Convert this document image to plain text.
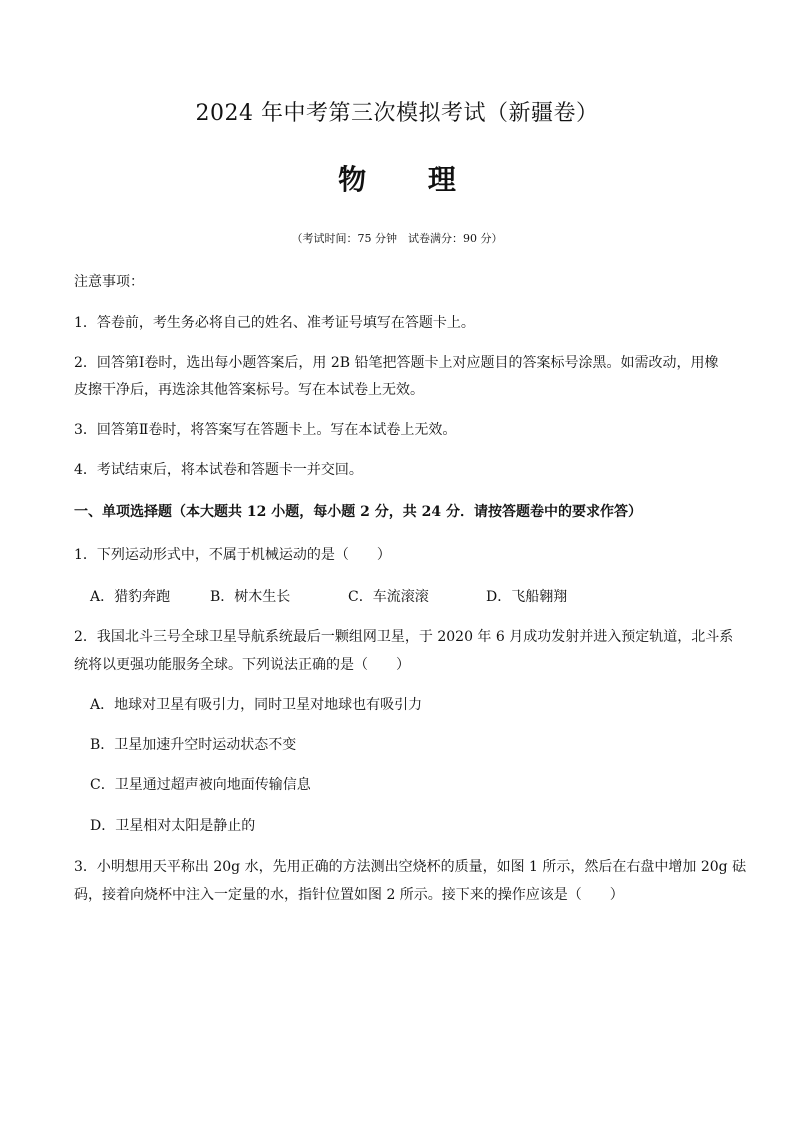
2024 年中考第三次模拟考试（新疆卷）
物 理
（考试时间：75 分钟　试卷满分：90 分）
注意事项：
1．答卷前，考生务必将自己的姓名、准考证号填写在答题卡上。
2．回答第Ⅰ卷时，选出每小题答案后，用 2B 铅笔把答题卡上对应题目的答案标号涂黑。如需改动，用橡
皮擦干净后，再选涂其他答案标号。写在本试卷上无效。
3．回答第Ⅱ卷时，将答案写在答题卡上。写在本试卷上无效。
4．考试结束后，将本试卷和答题卡一并交回。
一、单项选择题（本大题共 12 小题，每小题 2 分，共 24 分．请按答题卷中的要求作答）
1．下列运动形式中，不属于机械运动的是（　　）
A．猎豹奔跑	B．树木生长	C．车流滚滚	D．飞船翱翔
2．我国北斗三号全球卫星导航系统最后一颗组网卫星，于 2020 年 6 月成功发射并进入预定轨道，北斗系
统将以更强功能服务全球。下列说法正确的是（　　）
A．地球对卫星有吸引力，同时卫星对地球也有吸引力
B．卫星加速升空时运动状态不变
C．卫星通过超声被向地面传输信息
D．卫星相对太阳是静止的
3．小明想用天平称出 20g 水，先用正确的方法测出空烧杯的质量，如图 1 所示，然后在右盘中增加 20g 砝
码，接着向烧杯中注入一定量的水，指针位置如图 2 所示。接下来的操作应该是（　　）
